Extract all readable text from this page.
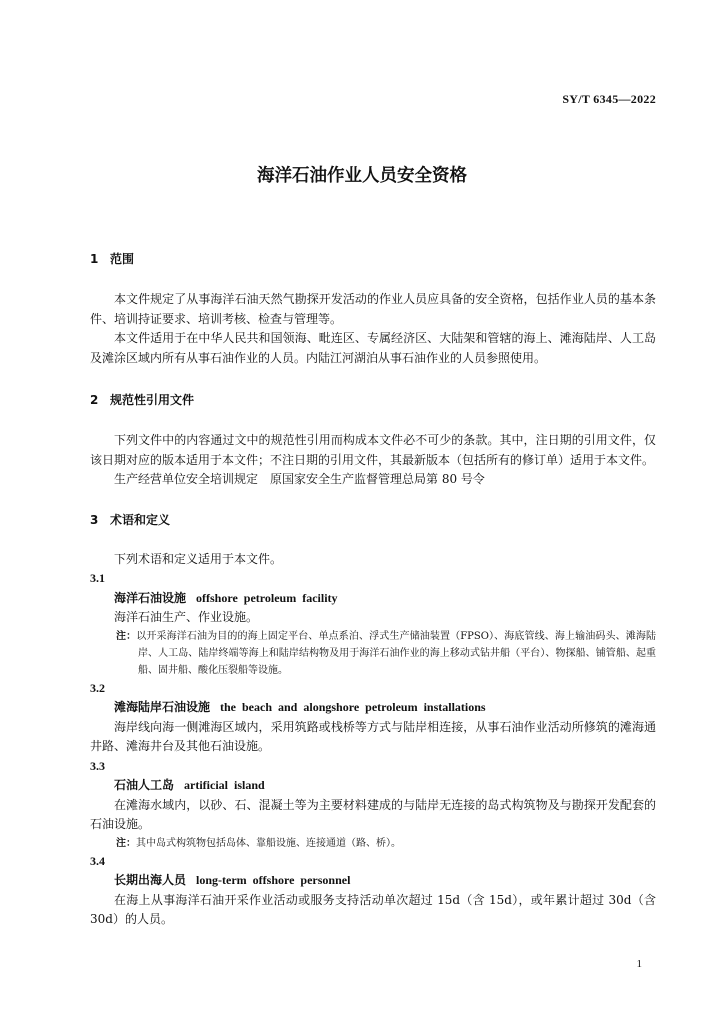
SY/T 6345—2022
海洋石油作业人员安全资格
1 范围

本文件规定了从事海洋石油天然气勘探开发活动的作业人员应具备的安全资格，包括作业人员的基本条件、培训持证要求、培训考核、检查与管理等。

本文件适用于在中华人民共和国领海、毗连区、专属经济区、大陆架和管辖的海上、滩海陆岸、人工岛及滩涂区域内所有从事石油作业的人员。内陆江河湖泊从事石油作业的人员参照使用。

2 规范性引用文件

下列文件中的内容通过文中的规范性引用而构成本文件必不可少的条款。其中，注日期的引用文件，仅该日期对应的版本适用于本文件；不注日期的引用文件，其最新版本（包括所有的修订单）适用于本文件。

生产经营单位安全培训规定　原国家安全生产监督管理总局第 80 号令

3 术语和定义

下列术语和定义适用于本文件。

3.1

海洋石油设施 offshore petroleum facility

海洋石油生产、作业设施。

注：以开采海洋石油为目的的海上固定平台、单点系泊、浮式生产储油装置（FPSO）、海底管线、海上输油码头、滩海陆岸、人工岛、陆岸终端等海上和陆岸结构物及用于海洋石油作业的海上移动式钻井船（平台）、物探船、铺管船、起重船、固井船、酸化压裂船等设施。

3.2

滩海陆岸石油设施 the beach and alongshore petroleum installations

海岸线向海一侧滩海区域内，采用筑路或栈桥等方式与陆岸相连接，从事石油作业活动所修筑的滩海通井路、滩海井台及其他石油设施。

3.3

石油人工岛 artificial island

在滩海水域内，以砂、石、混凝土等为主要材料建成的与陆岸无连接的岛式构筑物及与勘探开发配套的石油设施。

注：其中岛式构筑物包括岛体、靠船设施、连接通道（路、桥）。

3.4

长期出海人员 long-term offshore personnel

在海上从事海洋石油开采作业活动或服务支持活动单次超过 15d（含 15d），或年累计超过 30d（含 30d）的人员。

1
